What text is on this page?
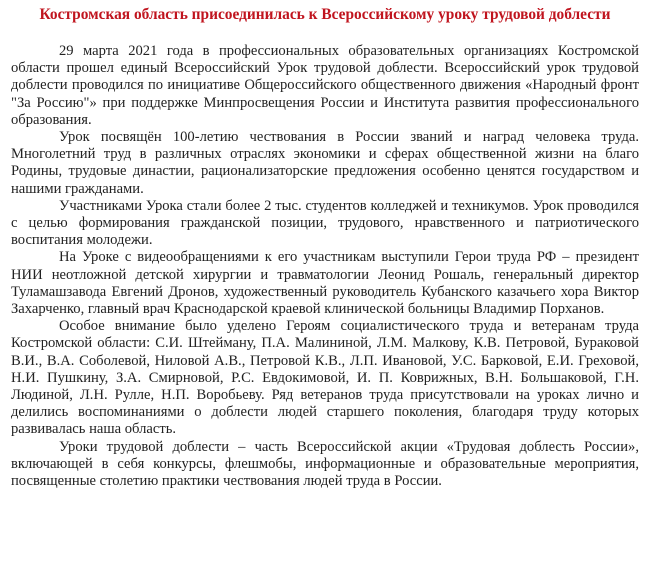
Костромская область присоединилась к Всероссийскому уроку трудовой доблести

29 марта 2021 года в профессиональных образовательных организациях Костромской области прошел единый Всероссийский Урок трудовой доблести. Всероссийский урок трудовой доблести проводился по инициативе Общероссийского общественного движения «Народный фронт "За Россию"» при поддержке Минпросвещения России и Института развития профессионального образования.

Урок посвящён 100-летию чествования в России званий и наград человека труда. Многолетний труд в различных отраслях экономики и сферах общественной жизни на благо Родины, трудовые династии, рационализаторские предложения особенно ценятся государством и нашими гражданами.

Участниками Урока стали более 2 тыс. студентов колледжей и техникумов. Урок проводился с целью формирования гражданской позиции, трудового, нравственного и патриотического воспитания молодежи.

На Уроке с видеообращениями к его участникам выступили Герои труда РФ – президент НИИ неотложной детской хирургии и травматологии Леонид Рошаль, генеральный директор Туламашзавода Евгений Дронов, художественный руководитель Кубанского казачьего хора Виктор Захарченко, главный врач Краснодарской краевой клинической больницы Владимир Порханов.

Особое внимание было уделено Героям социалистического труда и ветеранам труда Костромской области: С.И. Штейману, П.А. Малининой, Л.М. Малкову, К.В. Петровой, Бураковой В.И., В.А. Соболевой, Ниловой А.В., Петровой К.В., Л.П. Ивановой, У.С. Барковой, Е.И. Греховой, Н.И. Пушкину, З.А. Смирновой, Р.С. Евдокимовой, И. П. Коврижных, В.Н. Большаковой, Г.Н. Людиной, Л.Н. Рулле, Н.П. Воробьеву. Ряд ветеранов труда присутствовали на уроках лично и делились воспоминаниями о доблести людей старшего поколения, благодаря труду которых развивалась наша область.

Уроки трудовой доблести – часть Всероссийской акции «Трудовая доблесть России», включающей в себя конкурсы, флешмобы, информационные и образовательные мероприятия, посвященные столетию практики чествования людей труда в России.
